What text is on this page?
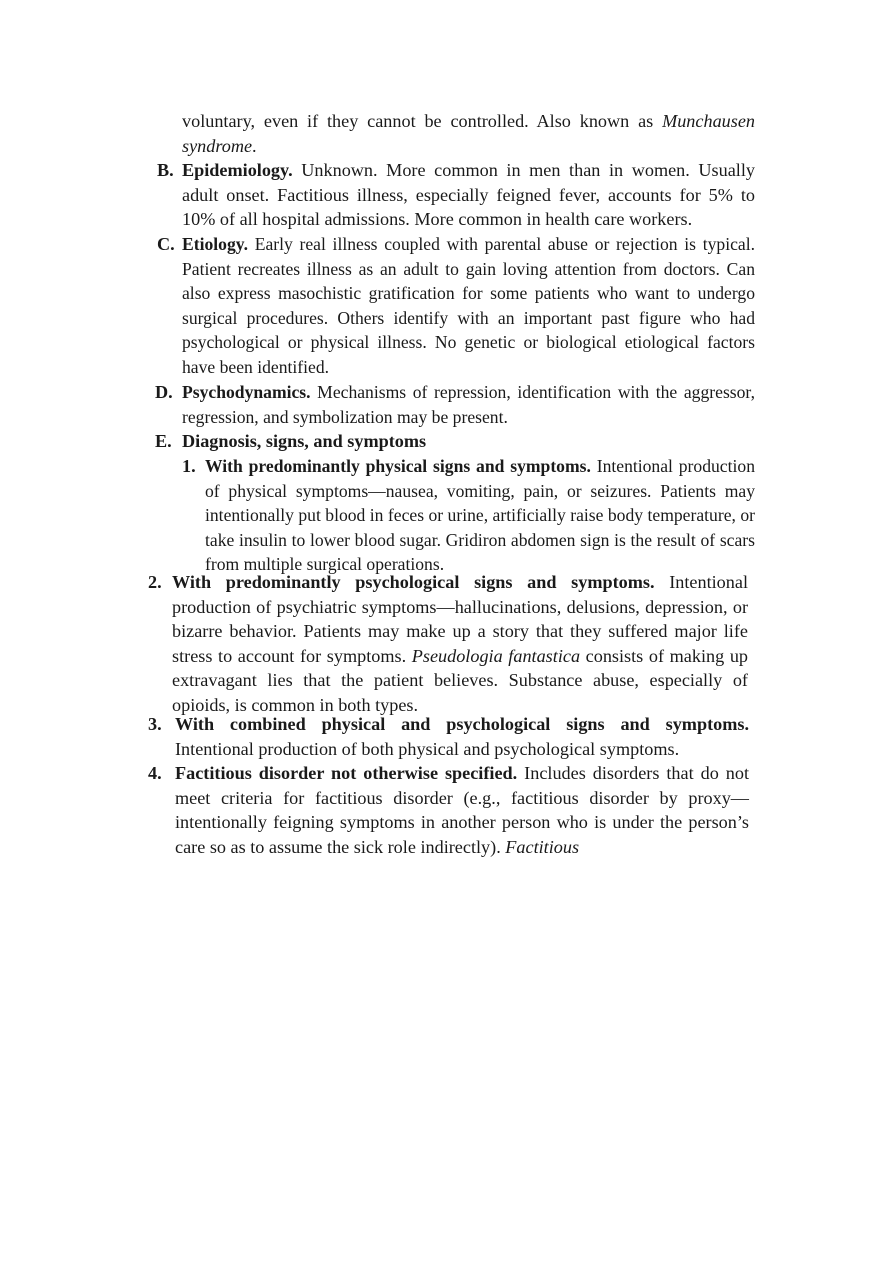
voluntary, even if they cannot be controlled. Also known as Munchausen syndrome.
B. Epidemiology. Unknown. More common in men than in women. Usually adult onset. Factitious illness, especially feigned fever, accounts for 5% to 10% of all hospital admissions. More common in health care workers.
C. Etiology. Early real illness coupled with parental abuse or rejection is typical. Patient recreates illness as an adult to gain loving attention from doctors. Can also express masochistic gratification for some patients who want to undergo surgical procedures. Others identify with an important past figure who had psychological or physical illness. No genetic or biological etiological factors have been identified.
D. Psychodynamics. Mechanisms of repression, identification with the aggressor, regression, and symbolization may be present.
E. Diagnosis, signs, and symptoms
1. With predominantly physical signs and symptoms. Intentional production of physical symptoms—nausea, vomiting, pain, or seizures. Patients may intentionally put blood in feces or urine, artificially raise body temperature, or take insulin to lower blood sugar. Gridiron abdomen sign is the result of scars from multiple surgical operations.
2. With predominantly psychological signs and symptoms. Intentional production of psychiatric symptoms—hallucinations, delusions, depression, or bizarre behavior. Patients may make up a story that they suffered major life stress to account for symptoms. Pseudologia fantastica consists of making up extravagant lies that the patient believes. Substance abuse, especially of opioids, is common in both types.
3. With combined physical and psychological signs and symptoms. Intentional production of both physical and psychological symptoms.
4. Factitious disorder not otherwise specified. Includes disorders that do not meet criteria for factitious disorder (e.g., factitious disorder by proxy—intentionally feigning symptoms in another person who is under the person’s care so as to assume the sick role indirectly). Factitious
